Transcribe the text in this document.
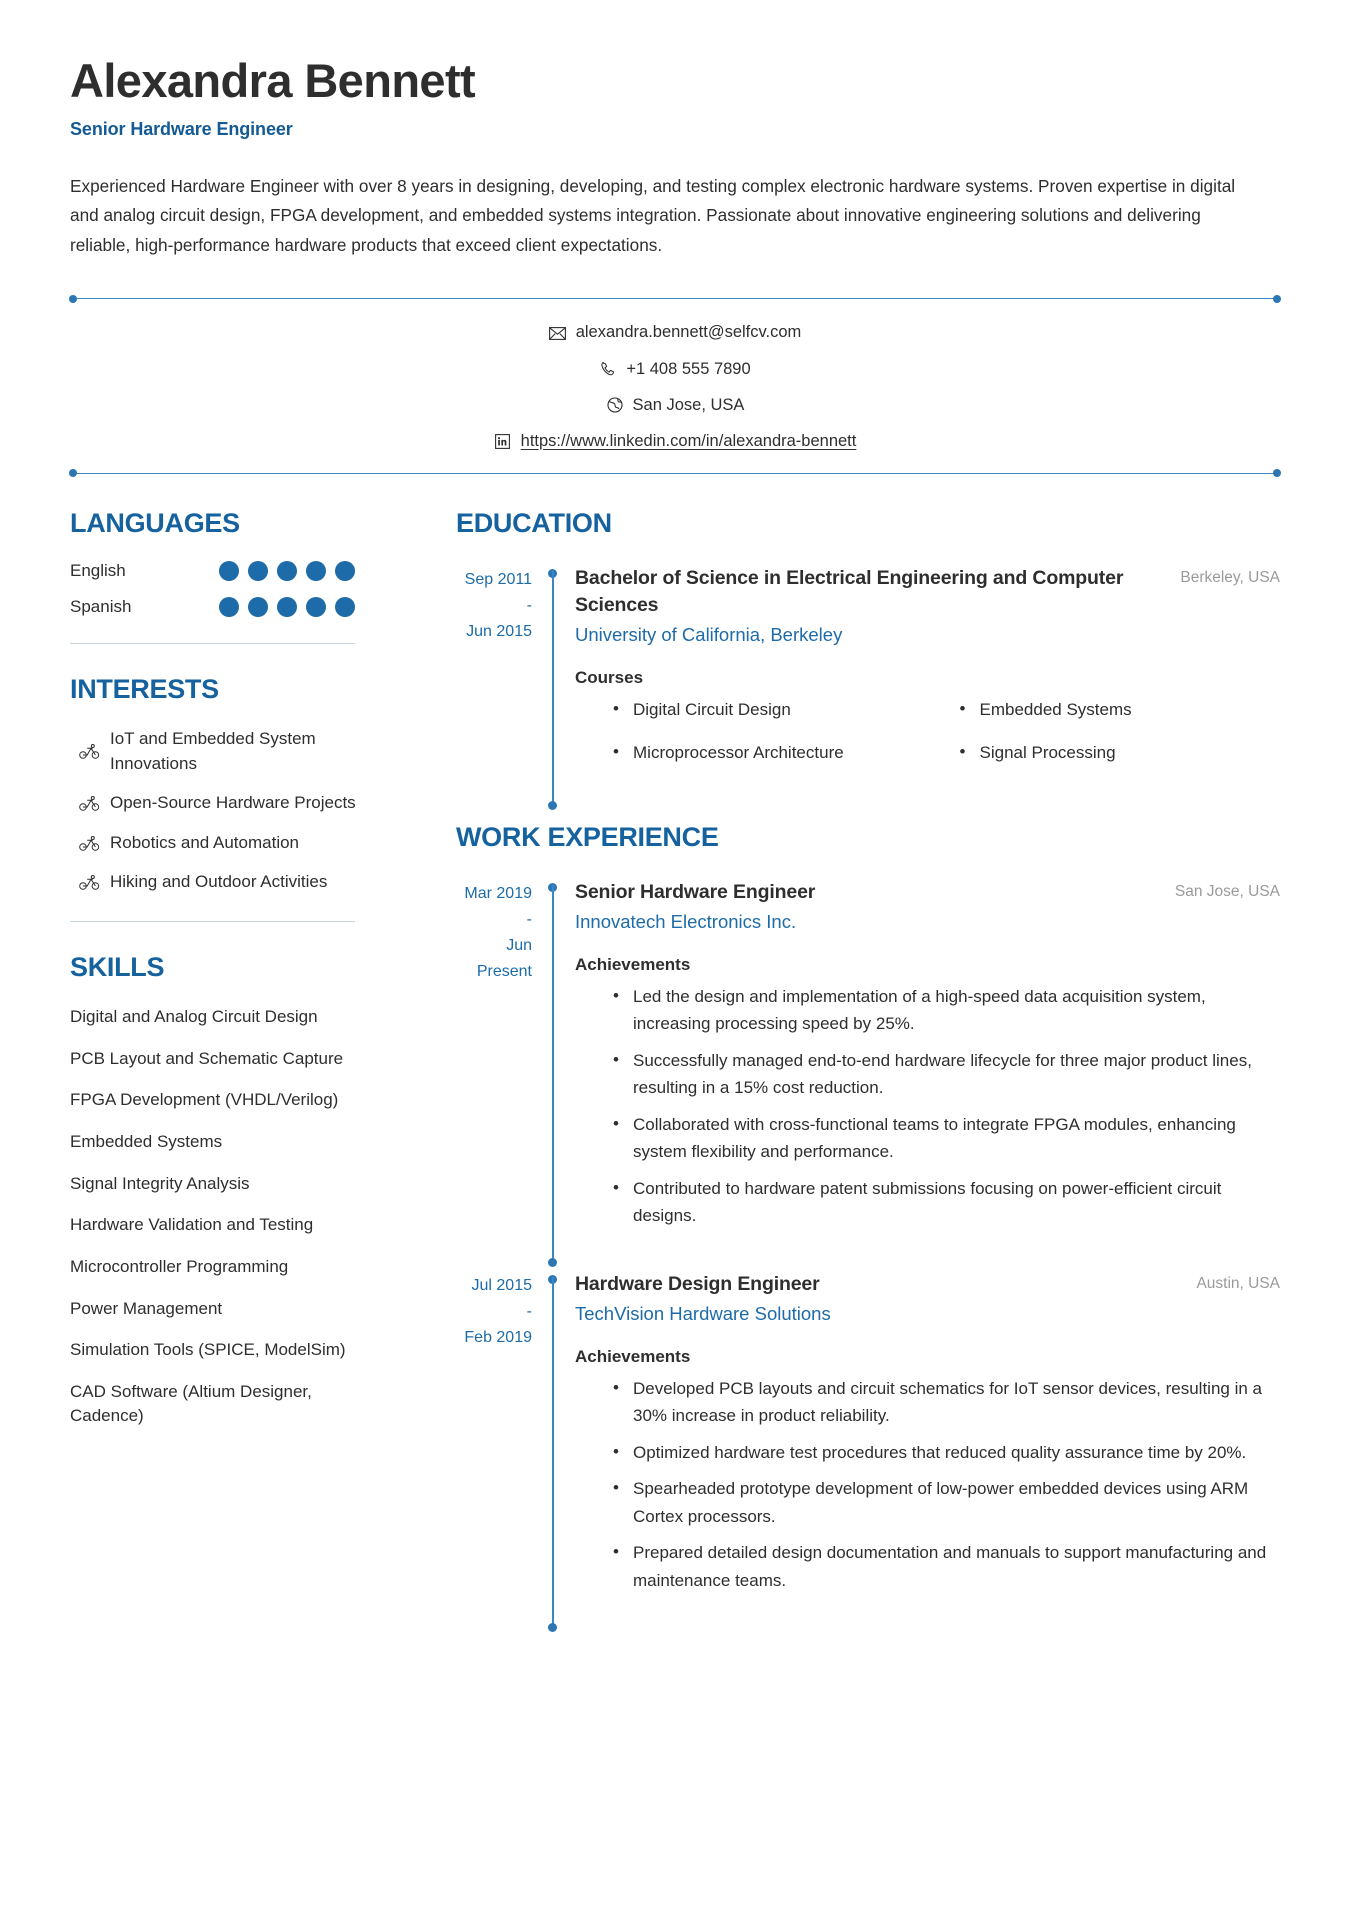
Alexandra Bennett
Senior Hardware Engineer

Experienced Hardware Engineer with over 8 years in designing, developing, and testing complex electronic hardware systems. Proven expertise in digital and analog circuit design, FPGA development, and embedded systems integration. Passionate about innovative engineering solutions and delivering reliable, high-performance hardware products that exceed client expectations.

alexandra.bennett@selfcv.com
+1 408 555 7890
San Jose, USA
https://www.linkedin.com/in/alexandra-bennett
LANGUAGES
English
Spanish
INTERESTS
IoT and Embedded System Innovations
Open-Source Hardware Projects
Robotics and Automation
Hiking and Outdoor Activities
SKILLS
Digital and Analog Circuit Design
PCB Layout and Schematic Capture
FPGA Development (VHDL/Verilog)
Embedded Systems
Signal Integrity Analysis
Hardware Validation and Testing
Microcontroller Programming
Power Management
Simulation Tools (SPICE, ModelSim)
CAD Software (Altium Designer, Cadence)
EDUCATION
Sep 2011
-
Jun 2015
Bachelor of Science in Electrical Engineering and Computer Sciences
Berkeley, USA
University of California, Berkeley
Courses
• Digital Circuit Design	• Embedded Systems
• Microprocessor Architecture	• Signal Processing
WORK EXPERIENCE
Mar 2019
-
Jun
Present
Senior Hardware Engineer	San Jose, USA
Innovatech Electronics Inc.
Achievements
• Led the design and implementation of a high-speed data acquisition system, increasing processing speed by 25%.
• Successfully managed end-to-end hardware lifecycle for three major product lines, resulting in a 15% cost reduction.
• Collaborated with cross-functional teams to integrate FPGA modules, enhancing system flexibility and performance.
• Contributed to hardware patent submissions focusing on power-efficient circuit designs.
Jul 2015
-
Feb 2019
Hardware Design Engineer	Austin, USA
TechVision Hardware Solutions
Achievements
• Developed PCB layouts and circuit schematics for IoT sensor devices, resulting in a 30% increase in product reliability.
• Optimized hardware test procedures that reduced quality assurance time by 20%.
• Spearheaded prototype development of low-power embedded devices using ARM Cortex processors.
• Prepared detailed design documentation and manuals to support manufacturing and maintenance teams.
